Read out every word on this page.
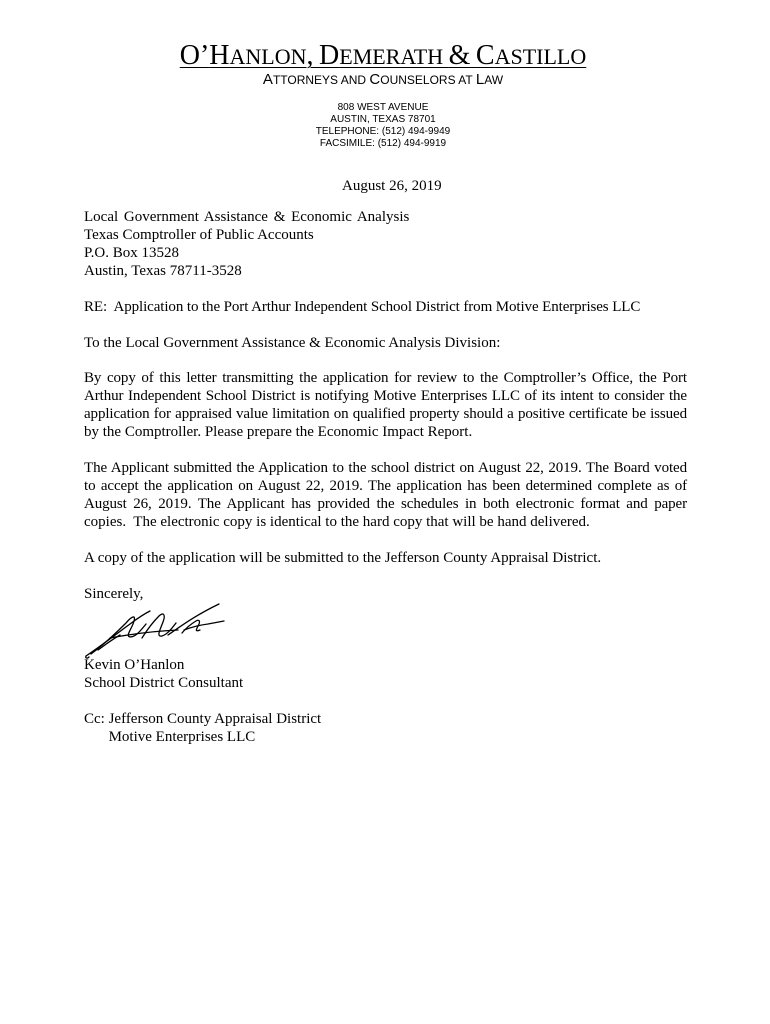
O’HANLON, DEMERATH & CASTILLO
ATTORNEYS AND COUNSELORS AT LAW
808 WEST AVENUE
AUSTIN, TEXAS 78701
TELEPHONE: (512) 494-9949
FACSIMILE: (512) 494-9919
August 26, 2019
Local Government Assistance & Economic Analysis
Texas Comptroller of Public Accounts
P.O. Box 13528
Austin, Texas 78711-3528
RE:  Application to the Port Arthur Independent School District from Motive Enterprises LLC
To the Local Government Assistance & Economic Analysis Division:
By copy of this letter transmitting the application for review to the Comptroller’s Office, the Port
Arthur Independent School District is notifying Motive Enterprises LLC of its intent to consider the
application for appraised value limitation on qualified property should a positive certificate be issued
by the Comptroller. Please prepare the Economic Impact Report.
The Applicant submitted the Application to the school district on August 22, 2019. The Board voted
to accept the application on August 22, 2019. The application has been determined complete as of
August 26, 2019. The Applicant has provided the schedules in both electronic format and paper
copies.  The electronic copy is identical to the hard copy that will be hand delivered.
A copy of the application will be submitted to the Jefferson County Appraisal District.
Sincerely,
Kevin O’Hanlon
School District Consultant
Cc: Jefferson County Appraisal District
Motive Enterprises LLC
